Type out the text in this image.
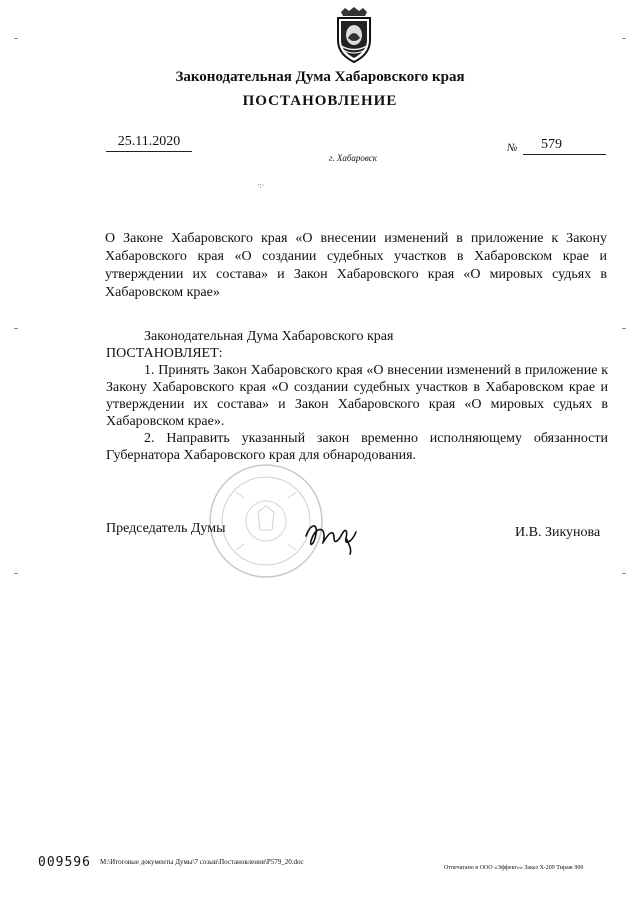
Законодательная Дума Хабаровского края
ПОСТАНОВЛЕНИЕ
25.11.2020	№	579
г. Хабаровск
·:·
О Законе Хабаровского края «О внесении изменений в приложение к Закону Хабаровского края «О создании судебных участков в Хабаровском крае и утверждении их состава» и Закон Хабаровского края «О мировых судьях в Хабаровском крае»

Законодательная Дума Хабаровского края

ПОСТАНОВЛЯЕТ:

1. Принять Закон Хабаровского края «О внесении изменений в приложение к Закону Хабаровского края «О создании судебных участков в Хабаровском крае и утверждении их состава» и Закон Хабаровского края «О мировых судьях в Хабаровском крае».

2. Направить указанный закон временно исполняющему обязанности Губернатора Хабаровского края для обнародования.

Председатель Думы	И.В. Зикунова
009596 M:\Итоговые документы Думы\7 созыв\Постановления\Р579_20.doc
Отпечатано в ООО «Эффект»» Заказ Х-209 Тираж 900
